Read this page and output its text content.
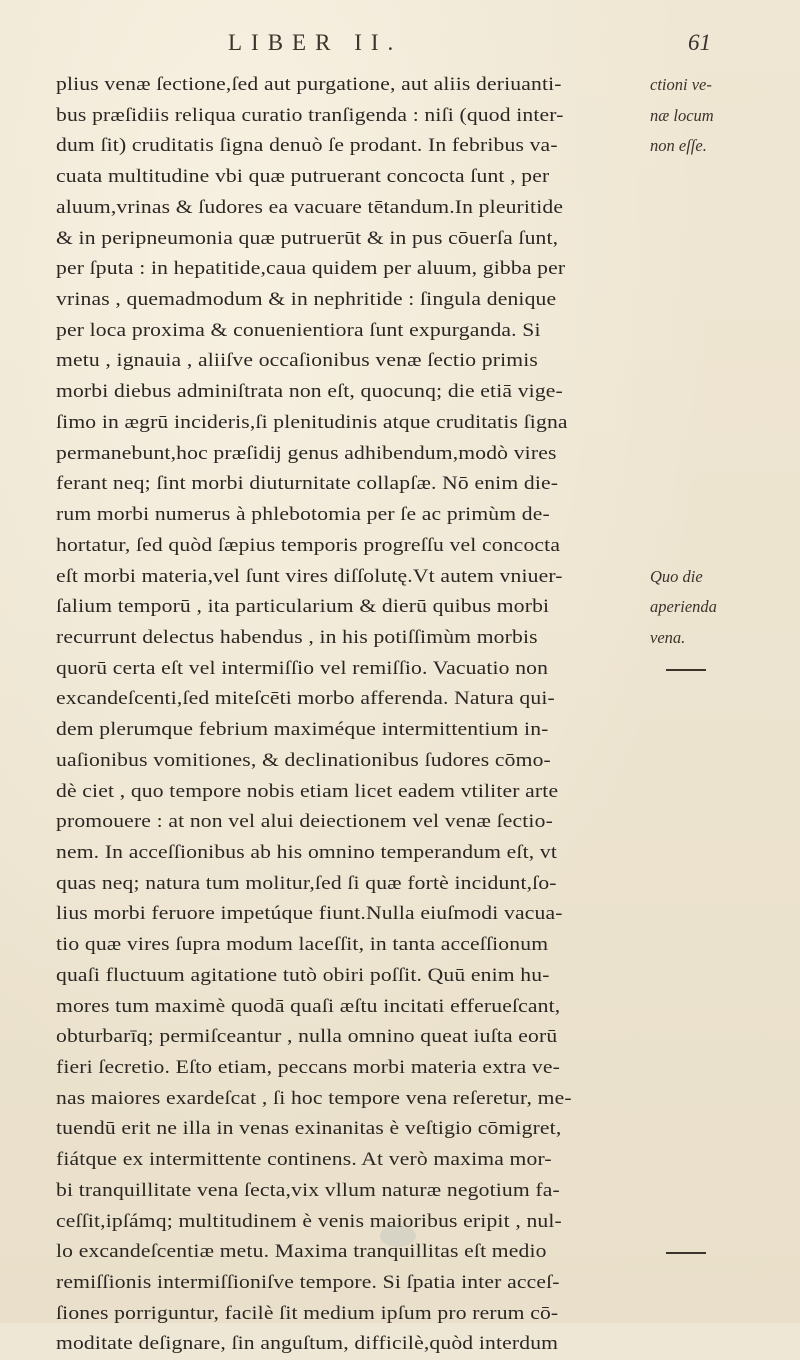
LIBER II.	61
plius venæ ſectione,ſed aut purgatione, aut aliis deriuanti-	ctioni ve-
bus præſidiis reliqua curatio tranſigenda : niſi (quod inter-	næ locum
dum ſit) cruditatis ſigna denuò ſe prodant. In febribus va-	non eſſe.
cuata multitudine vbi quæ putruerant concocta ſunt , per
aluum,vrinas & ſudores ea vacuare tētandum.In pleuritide
& in peripneumonia quæ putruerūt & in pus cōuerſa ſunt,
per ſputa : in hepatitide,caua quidem per aluum, gibba per
vrinas , quemadmodum & in nephritide : ſingula denique
per loca proxima & conuenientiora ſunt expurganda. Si
metu , ignauia , aliiſve occaſionibus venæ ſectio primis
morbi diebus adminiſtrata non eſt, quocunq; die etiā vige-
ſimo in ægrū incideris,ſi plenitudinis atque cruditatis ſigna
permanebunt,hoc præſidij genus adhibendum,modò vires
ferant neq; ſint morbi diuturnitate collapſæ. Nō enim die-
rum morbi numerus à phlebotomia per ſe ac primùm de-
hortatur, ſed quòd ſæpius temporis progreſſu vel concocta
eſt morbi materia,vel ſunt vires diſſolutę.Vt autem vniuer-	Quo die
ſalium temporū , ita particularium & dierū quibus morbi	aperienda
recurrunt delectus habendus , in his potiſſimùm morbis	vena.
quorū certa eſt vel intermiſſio vel remiſſio. Vacuatio non
excandeſcenti,ſed miteſcēti morbo afferenda. Natura qui-
dem plerumque febrium maximéque intermittentium in-
uaſionibus vomitiones, & declinationibus ſudores cōmo-
dè ciet , quo tempore nobis etiam licet eadem vtiliter arte
promouere : at non vel alui deiectionem vel venæ ſectio-
nem. In acceſſionibus ab his omnino temperandum eſt, vt
quas neq; natura tum molitur,ſed ſi quæ fortè incidunt,ſo-
lius morbi feruore impetúque fiunt.Nulla eiuſmodi vacua-
tio quæ vires ſupra modum laceſſit, in tanta acceſſionum
quaſi fluctuum agitatione tutò obiri poſſit. Quū enim hu-
mores tum maximè quodā quaſi æſtu incitati efferueſcant,
obturbarīq; permiſceantur , nulla omnino queat iuſta eorū
fieri ſecretio. Eſto etiam, peccans morbi materia extra ve-
nas maiores exardeſcat , ſi hoc tempore vena reſeretur, me-
tuendū erit ne illa in venas exinanitas è veſtigio cōmigret,
fiátque ex intermittente continens. At verò maxima mor-
bi tranquillitate vena ſecta,vix vllum naturæ negotium fa-
ceſſit,ipſámq; multitudinem è venis maioribus eripit , nul-
lo excandeſcentiæ metu. Maxima tranquillitas eſt medio
remiſſionis intermiſſioniſve tempore. Si ſpatia inter acceſ-
ſiones porriguntur, facilè ſit medium ipſum pro rerum cō-
moditate deſignare, ſin anguſtum, difficilè,quòd interdum
